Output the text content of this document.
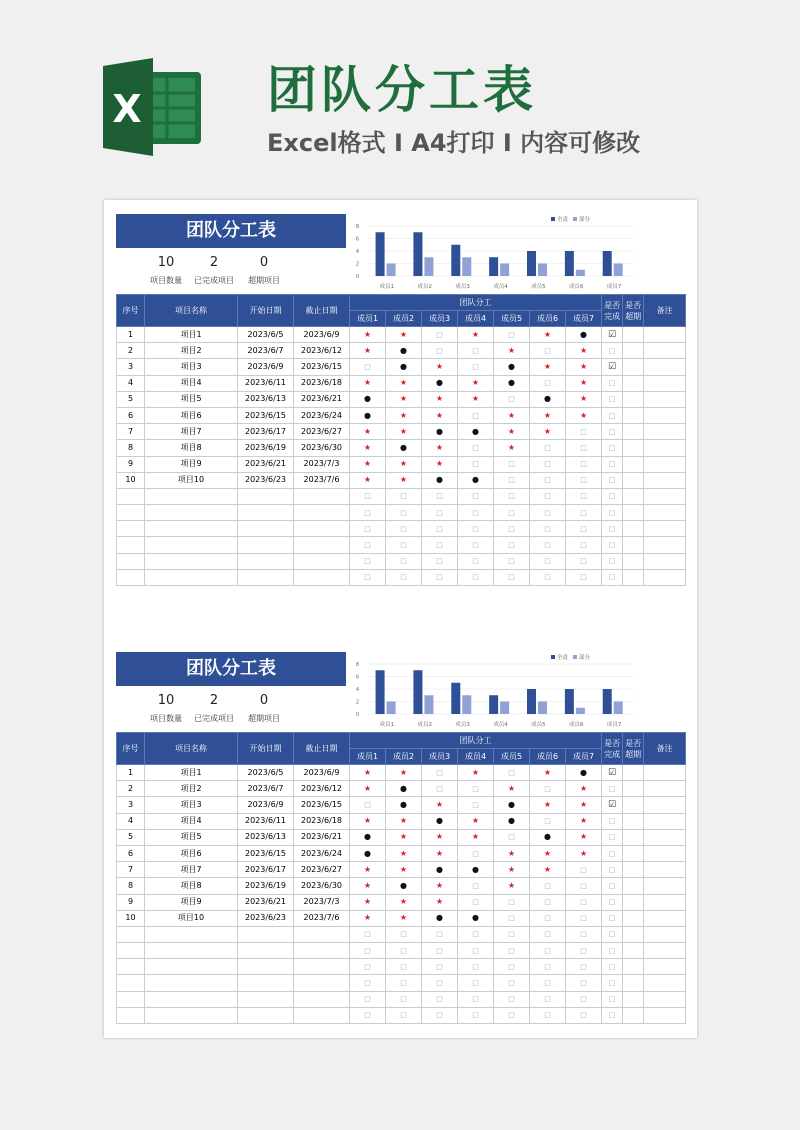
X	团队分工表
Excel格式 I A4打印 I 内容可修改
团队分工表
10
项目数量
2
已完成项目
0
超期项目	0
2
4
6
8
成员1	成员2	成员3	成员4	成员5	成员6	成员7
全责 部分
序号	项目名称	开始日期	截止日期	团队分工							是否完成	是否超期	备注
				成员1	成员2	成员3	成员4	成员5	成员6	成员7			
1	项目1	2023/6/5	2023/6/9	★	★	□	★	□	★	●	☑		
2	项目2	2023/6/7	2023/6/12	★	●	□	□	★	□	★	□		
3	项目3	2023/6/9	2023/6/15	□	●	★	□	●	★	★	☑		
4	项目4	2023/6/11	2023/6/18	★	★	●	★	●	□	★	□		
5	项目5	2023/6/13	2023/6/21	●	★	★	★	□	●	★	□		
6	项目6	2023/6/15	2023/6/24	●	★	★	□	★	★	★	□		
7	项目7	2023/6/17	2023/6/27	★	★	●	●	★	★	□	□		
8	项目8	2023/6/19	2023/6/30	★	●	★	□	★	□	□	□		
9	项目9	2023/6/21	2023/7/3	★	★	★	□	□	□	□	□		
10	项目10	2023/6/23	2023/7/6	★	★	●	●	□	□	□	□		
				□	□	□	□	□	□	□	□		
				□	□	□	□	□	□	□	□		
				□	□	□	□	□	□	□	□		
				□	□	□	□	□	□	□	□		
				□	□	□	□	□	□	□	□		
				□	□	□	□	□	□	□	□		
团队分工表
10
项目数量
2
已完成项目
0
超期项目	0
2
4
6
8
成员1	成员2	成员3	成员4	成员5	成员6	成员7
全责 部分
序号	项目名称	开始日期	截止日期	团队分工							是否完成	是否超期	备注
				成员1	成员2	成员3	成员4	成员5	成员6	成员7			
1	项目1	2023/6/5	2023/6/9	★	★	□	★	□	★	●	☑		
2	项目2	2023/6/7	2023/6/12	★	●	□	□	★	□	★	□		
3	项目3	2023/6/9	2023/6/15	□	●	★	□	●	★	★	☑		
4	项目4	2023/6/11	2023/6/18	★	★	●	★	●	□	★	□		
5	项目5	2023/6/13	2023/6/21	●	★	★	★	□	●	★	□		
6	项目6	2023/6/15	2023/6/24	●	★	★	□	★	★	★	□		
7	项目7	2023/6/17	2023/6/27	★	★	●	●	★	★	□	□		
8	项目8	2023/6/19	2023/6/30	★	●	★	□	★	□	□	□		
9	项目9	2023/6/21	2023/7/3	★	★	★	□	□	□	□	□		
10	项目10	2023/6/23	2023/7/6	★	★	●	●	□	□	□	□		
				□	□	□	□	□	□	□	□		
				□	□	□	□	□	□	□	□		
				□	□	□	□	□	□	□	□		
				□	□	□	□	□	□	□	□		
				□	□	□	□	□	□	□	□		
				□	□	□	□	□	□	□	□		
